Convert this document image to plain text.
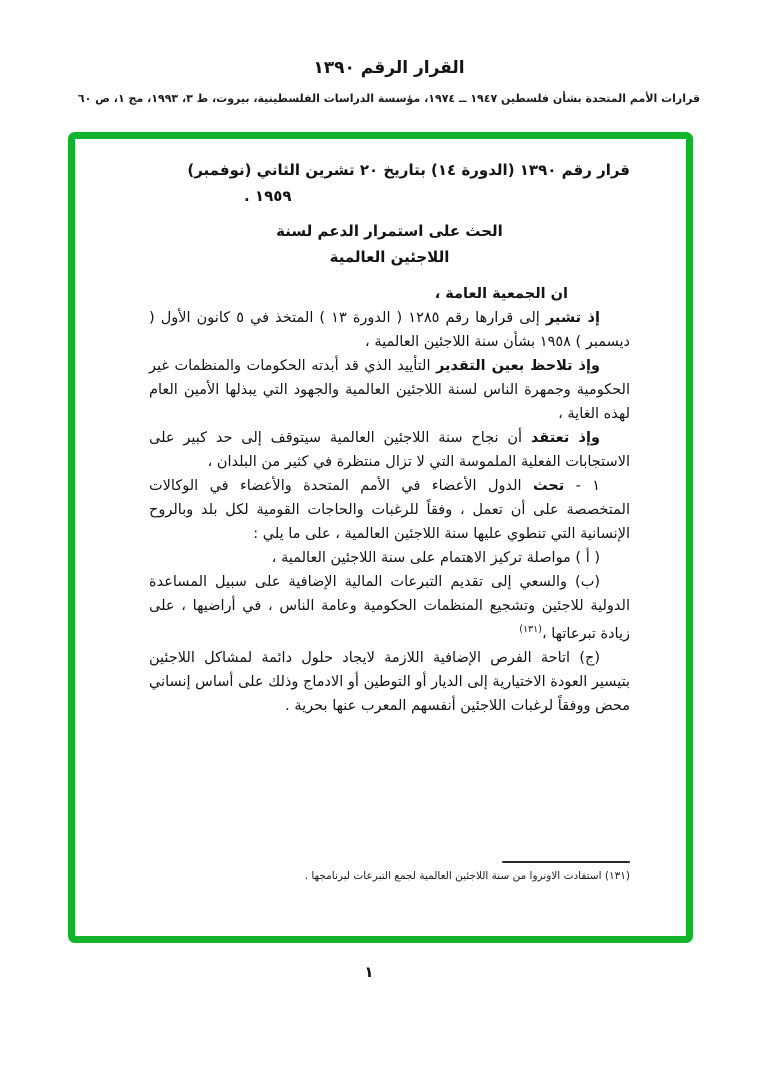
القرار الرقم ١٣٩٠
قرارات الأمم المتحدة بشأن فلسطين ١٩٤٧ ــ ١٩٧٤، مؤسسة الدراسات الفلسطينية، بيروت، ط ٣، ١٩٩٣، مج ١، ص ٦٠
قرار رقم ١٣٩٠ (الدورة ١٤) بتاريخ ٢٠ تشرين الثاني (نوفمبر)
١٩٥٩ .
الحث على استمرار الدعم لسنة
اللاجئين العالمية

ان الجمعية العامة ،

إذ تشير إلى قرارها رقم ١٢٨٥ ( الدورة ١٣ ) المتخذ في ٥ كانون الأول ( ديسمبر ) ١٩٥٨ بشأن سنة اللاجئين العالمية ،

وإذ تلاحظ بعين التقدير التأييد الذي قد أبدته الحكومات والمنظمات غير الحكومية وجمهرة الناس لسنة اللاجئين العالمية والجهود التي يبذلها الأمين العام لهذه الغاية ،

وإذ تعتقد أن نجاح سنة اللاجئين العالمية سيتوقف إلى حد كبير على الاستجابات الفعلية الملموسة التي لا تزال منتظرة في كثير من البلدان ،

١ - تحث الدول الأعضاء في الأمم المتحدة والأعضاء في الوكالات المتخصصة على أن تعمل ، وفقاً للرغبات والحاجات القومية لكل بلد وبالروح الإنسانية التي تنطوي عليها سنة اللاجئين العالمية ، على ما يلي :

( أ ) مواصلة تركيز الاهتمام على سنة اللاجئين العالمية ،

(ب) والسعي إلى تقديم التبرعات المالية الإضافية على سبيل المساعدة الدولية للاجئين وتشجيع المنظمات الحكومية وعامة الناس ، في أراضيها ، على زيادة تبرعاتها ،$^{(١٣١)}$

(ج) اتاحة الفرص الإضافية اللازمة لايجاد حلول دائمة لمشاكل اللاجئين بتيسير العودة الاختيارية إلى الديار أو التوطين أو الادماج وذلك على أساس إنساني محض ووفقاً لرغبات اللاجئين أنفسهم المعرب عنها بحرية .

(١٣١) استفادت الاونروا من سنة اللاجئين العالمية لجمع التبرعات لبرنامجها .
١
